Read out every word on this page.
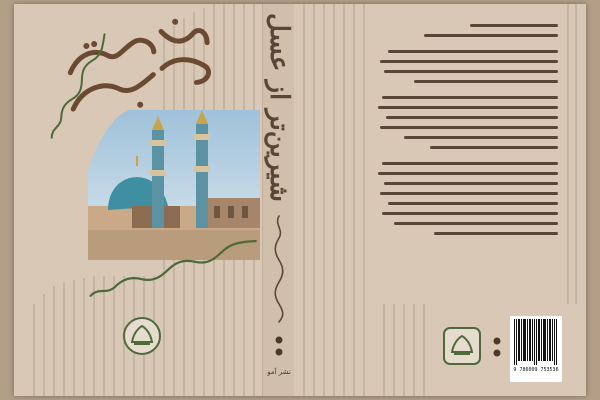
شیرین‌تر از عسل
نشر آمو	9 786009 753536
